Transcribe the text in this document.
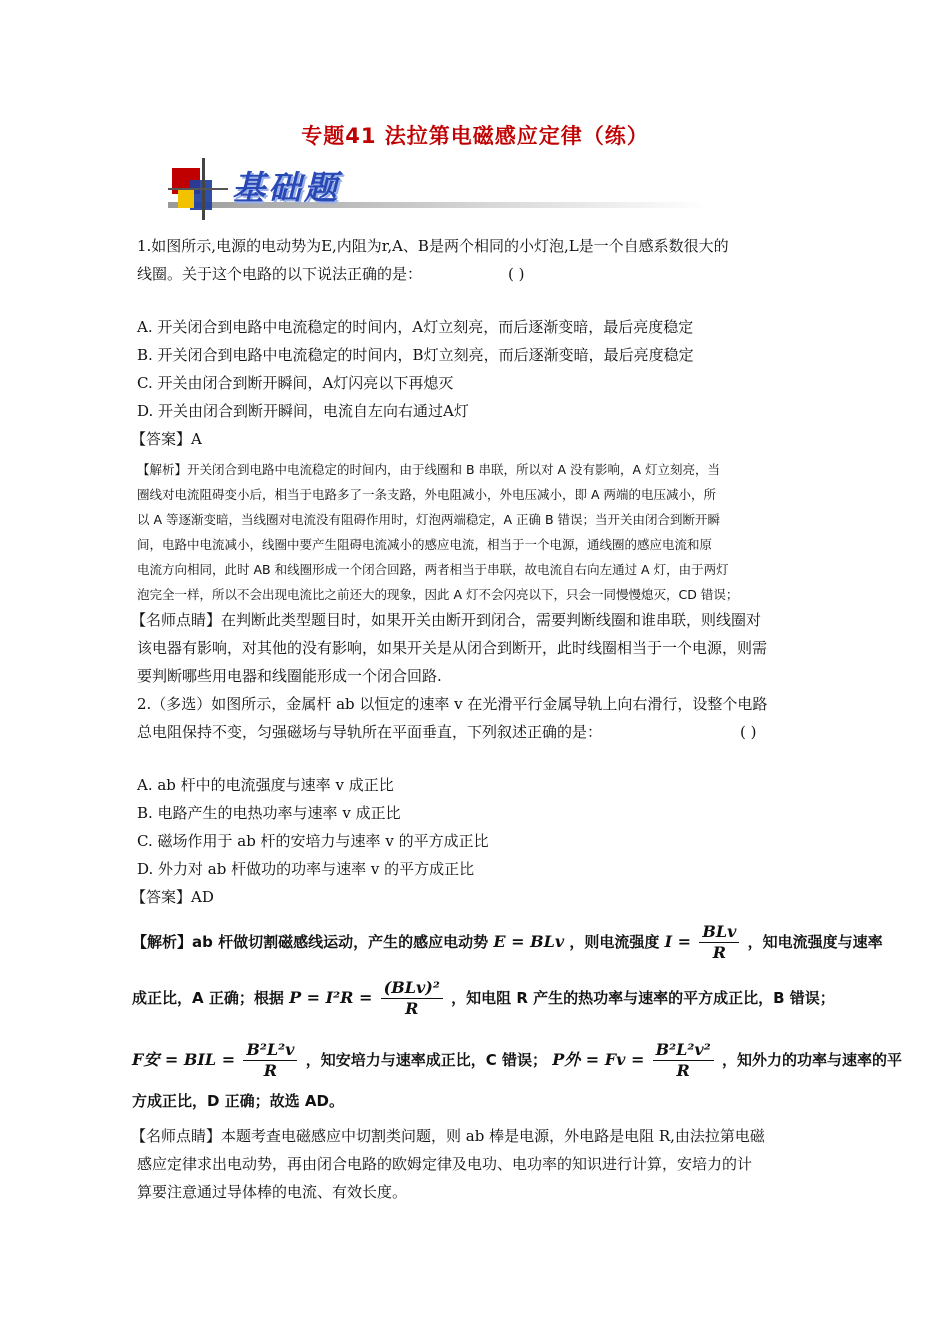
专题41 法拉第电磁感应定律（练）
基础题
1.如图所示,电源的电动势为E,内阻为r,A、B是两个相同的小灯泡,L是一个自感系数很大的
线圈。关于这个电路的以下说法正确的是：	( )
A. 开关闭合到电路中电流稳定的时间内，A灯立刻亮，而后逐渐变暗，最后亮度稳定
B. 开关闭合到电路中电流稳定的时间内，B灯立刻亮，而后逐渐变暗，最后亮度稳定
C. 开关由闭合到断开瞬间，A灯闪亮以下再熄灭
D. 开关由闭合到断开瞬间，电流自左向右通过A灯
【答案】A
【解析】开关闭合到电路中电流稳定的时间内，由于线圈和 B 串联，所以对 A 没有影响，A 灯立刻亮，当
圈线对电流阻碍变小后，相当于电路多了一条支路，外电阻减小，外电压减小，即 A 两端的电压减小，所
以 A 等逐渐变暗，当线圈对电流没有阻碍作用时，灯泡两端稳定，A 正确 B 错误；当开关由闭合到断开瞬
间，电路中电流减小，线圈中要产生阻碍电流减小的感应电流，相当于一个电源，通线圈的感应电流和原
电流方向相同，此时 AB 和线圈形成一个闭合回路，两者相当于串联，故电流自右向左通过 A 灯，由于两灯
泡完全一样，所以不会出现电流比之前还大的现象，因此 A 灯不会闪亮以下，只会一同慢慢熄灭，CD 错误；
【名师点睛】在判断此类型题目时，如果开关由断开到闭合，需要判断线圈和谁串联，则线圈对
该电器有影响，对其他的没有影响，如果开关是从闭合到断开，此时线圈相当于一个电源，则需
要判断哪些用电器和线圈能形成一个闭合回路.
2.（多选）如图所示，金属杆 ab 以恒定的速率 v 在光滑平行金属导轨上向右滑行，设整个电路
总电阻保持不变，匀强磁场与导轨所在平面垂直，下列叙述正确的是：	( )
A. ab 杆中的电流强度与速率 v 成正比
B. 电路产生的电热功率与速率 v 成正比
C. 磁场作用于 ab 杆的安培力与速率 v 的平方成正比
D. 外力对 ab 杆做功的功率与速率 v 的平方成正比
【答案】AD
【解析】ab 杆做切割磁感线运动，产生的感应电动势 E = BLv ，则电流强度 $I = \frac{\text{BLv}}{R}$ ，知电流强度与速率
成正比，A 正确；根据 $P = I^2R = \frac{\text{(BLv)²}}{R}$ ，知电阻 R 产生的热功率与速率的平方成正比，B 错误；
F安 = BIL = $\frac{\text{B²L²v}}{R}$ ，知安培力与速率成正比，C 错误； P外 = $Fv = \frac{\text{B²L²v²}}{R}$ ，知外力的功率与速率的平
方成正比，D 正确；故选 AD。
【名师点睛】本题考查电磁感应中切割类问题，则 ab 棒是电源，外电路是电阻 R,由法拉第电磁
感应定律求出电动势，再由闭合电路的欧姆定律及电功、电功率的知识进行计算，安培力的计
算要注意通过导体棒的电流、有效长度。
